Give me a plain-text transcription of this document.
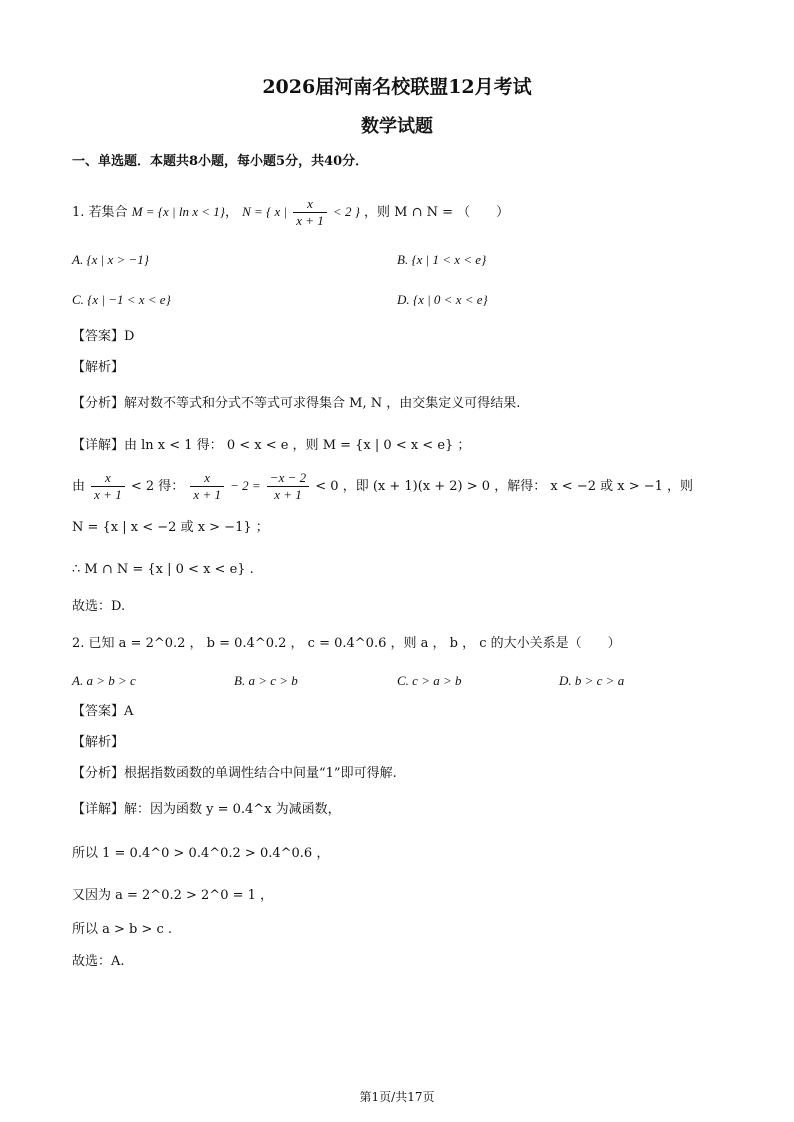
2026届河南名校联盟12月考试
数学试题
一、单选题．本题共8小题，每小题5分，共40分．
1. 若集合 M = {x | ln x < 1}， N = { x | $\frac{x}{x + 1} < 2$ } ，则 M ∩ N = （　　）
A. {x | x > −1}	B. {x | 1 < x < e}
C. {x | −1 < x < e}	D. {x | 0 < x < e}
【答案】D
【解析】
【分析】解对数不等式和分式不等式可求得集合 M, N ，由交集定义可得结果.
【详解】由 ln x < 1 得： 0 < x < e ，则 M = {x | 0 < x < e} ；
由 $\frac{x}{x + 1} < 2$ 得： $\frac{x}{x + 1} - 2 = \frac{-x - 2}{x + 1} < 0$ ，即 (x + 1)(x + 2) > 0 ，解得： x < −2 或 x > −1 ，则
N = {x | x < −2 或 x > −1} ；
∴ M ∩ N = {x | 0 < x < e} .
故选：D.
2. 已知 a = 2^0.2 ， b = 0.4^0.2 ， c = 0.4^0.6 ，则 a ， b ， c 的大小关系是（　　）
A. a > b > c	B. a > c > b	C. c > a > b	D. b > c > a
【答案】A
【解析】
【分析】根据指数函数的单调性结合中间量“1”即可得解.
【详解】解：因为函数 y = 0.4^x 为减函数，
所以 1 = 0.4^0 > 0.4^0.2 > 0.4^0.6 ，
又因为 a = 2^0.2 > 2^0 = 1 ，
所以 a > b > c .
故选：A.
第1页/共17页
